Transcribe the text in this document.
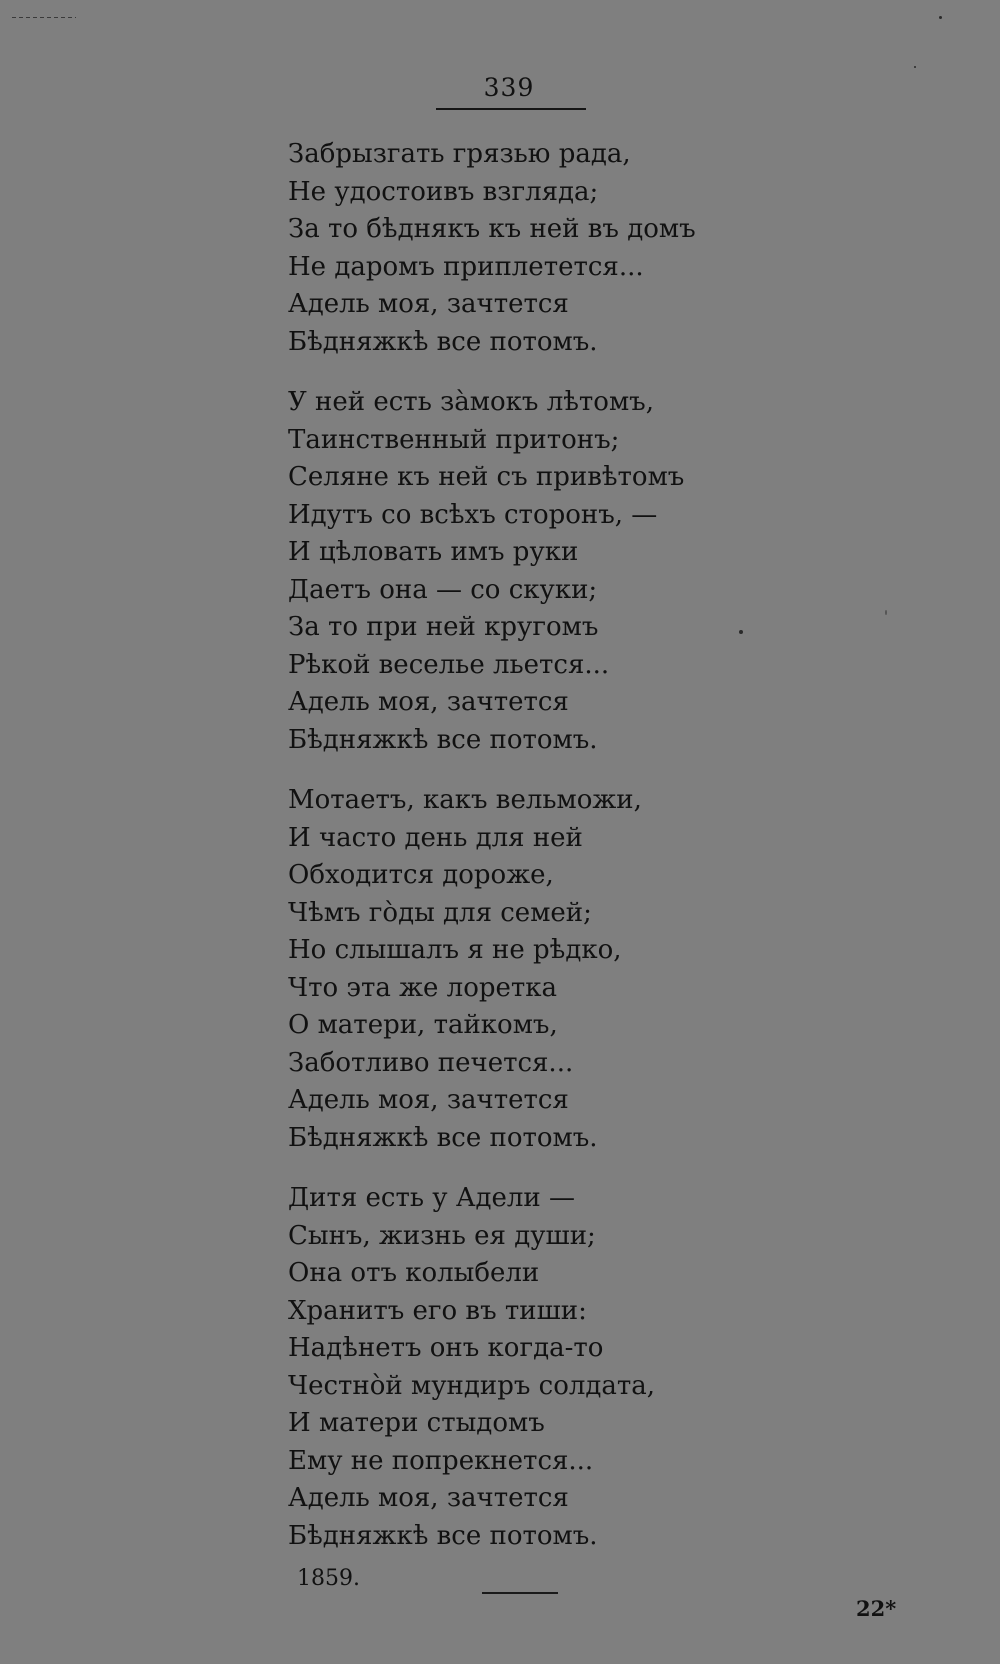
339
Забрызгать грязью рада,
Не удостоивъ взгляда;
За то бѣднякъ къ ней въ домъ
Не даромъ приплетется...
Адель моя, зачтется
Бѣдняжкѣ все потомъ.
У ней есть зàмокъ лѣтомъ,
Таинственный притонъ;
Селяне къ ней съ привѣтомъ
Идутъ со всѣхъ сторонъ, —
И цѣловать имъ руки
Даетъ она — со скуки;
За то при ней кругомъ
Рѣкой веселье льется...
Адель моя, зачтется
Бѣдняжкѣ все потомъ.
Мотаетъ, какъ вельможи,
И часто день для ней
Обходится дороже,
Чѣмъ гòды для семей;
Но слышалъ я не рѣдко,
Что эта же лоретка
О матери, тайкомъ,
Заботливо печется...
Адель моя, зачтется
Бѣдняжкѣ все потомъ.
Дитя есть у Адели —
Сынъ, жизнь ея души;
Она отъ колыбели
Хранитъ его въ тиши:
Надѣнетъ онъ когда-то
Честнòй мундиръ солдата,
И матери стыдомъ
Ему не попрекнется...
Адель моя, зачтется
Бѣдняжкѣ все потомъ.
1859.
22*
